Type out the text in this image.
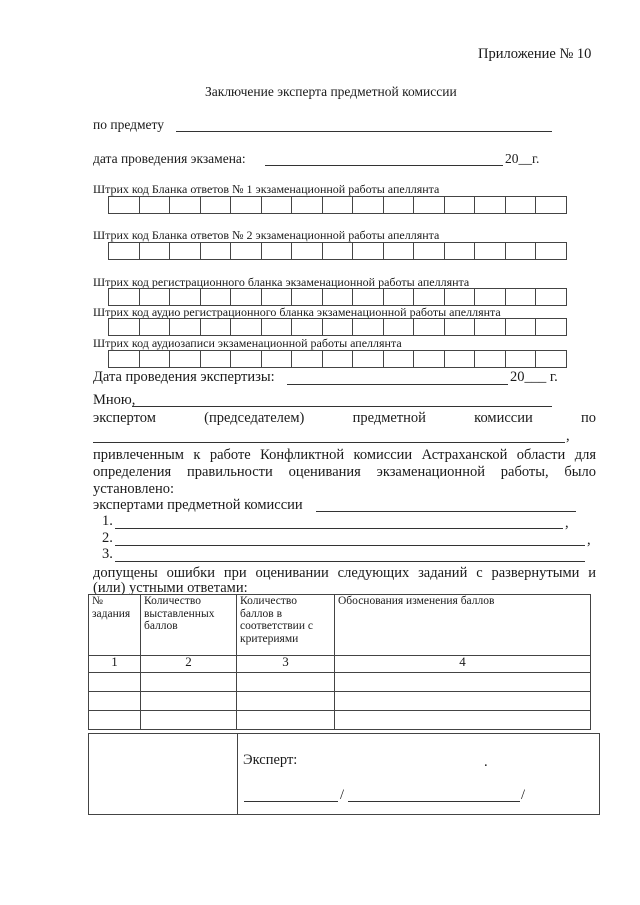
Приложение № 10
Заключение эксперта предметной комиссии
по предмету
дата проведения экзамена:	20__г.
Штрих код Бланка ответов № 1 экзаменационной работы апеллянта
Штрих код Бланка ответов № 2 экзаменационной работы апеллянта
Штрих код регистрационного бланка экзаменационной работы апеллянта
Штрих код аудио регистрационного бланка экзаменационной работы апеллянта
Штрих код аудиозаписи экзаменационной работы апеллянта
Дата проведения экспертизы:	20___ г.
Мною,
экспертом	(председателем)	предметной	комиссии	по
,
привлеченным к работе Конфликтной комиссии Астраханской области для определения правильности оценивания экзаменационной работы, было
установлено:
экспертами предметной комиссии
1.	,
2.	,
3.
допущены ошибки при оценивании следующих заданий с развернутыми и
(или) устными ответами:
№ задания	Количество выставленных баллов	Количество баллов в соответствии с критериями	Обоснования изменения баллов
1	2	3	4

Эксперт:	.
/	/
